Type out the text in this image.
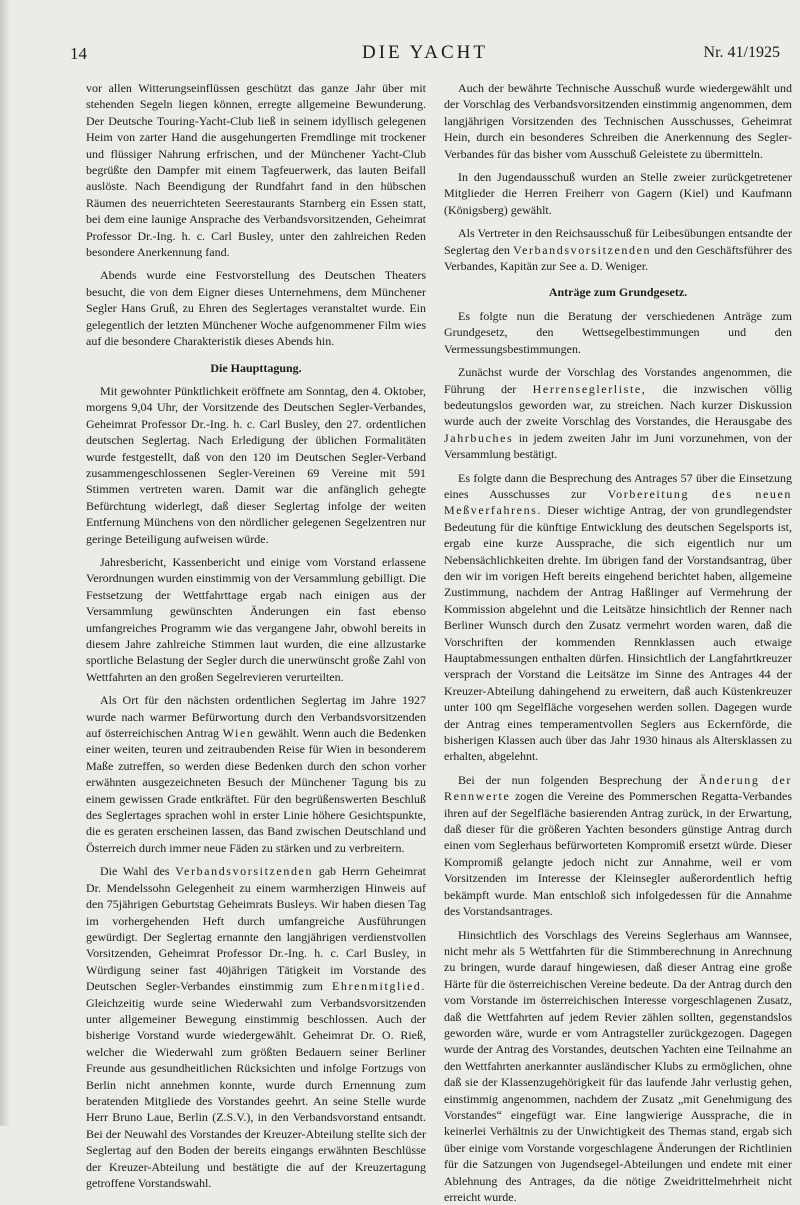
14	DIE YACHT	Nr. 41/1925

vor allen Witterungseinflüssen geschützt das ganze Jahr über mit stehenden Segeln liegen können, erregte allgemeine Bewunderung. Der Deutsche Touring-Yacht-Club ließ in seinem idyllisch gelegenen Heim von zarter Hand die ausgehungerten Fremdlinge mit trockener und flüssiger Nahrung erfrischen, und der Münchener Yacht-Club begrüßte den Dampfer mit einem Tagfeuerwerk, das lauten Beifall auslöste. Nach Beendigung der Rundfahrt fand in den hübschen Räumen des neuerrichteten Seerestaurants Starnberg ein Essen statt, bei dem eine launige Ansprache des Verbandsvorsitzenden, Geheimrat Professor Dr.-Ing. h. c. Carl Busley, unter den zahlreichen Reden besondere Anerkennung fand.

Abends wurde eine Festvorstellung des Deutschen Theaters besucht, die von dem Eigner dieses Unternehmens, dem Münchener Segler Hans Gruß, zu Ehren des Seglertages veranstaltet wurde. Ein gelegentlich der letzten Münchener Woche aufgenommener Film wies auf die besondere Charakteristik dieses Abends hin.

Die Haupttagung.

Mit gewohnter Pünktlichkeit eröffnete am Sonntag, den 4. Oktober, morgens 9,04 Uhr, der Vorsitzende des Deutschen Segler-Verbandes, Geheimrat Professor Dr.-Ing. h. c. Carl Busley, den 27. ordentlichen deutschen Seglertag. Nach Erledigung der üblichen Formalitäten wurde festgestellt, daß von den 120 im Deutschen Segler-Verband zusammengeschlossenen Segler-Vereinen 69 Vereine mit 591 Stimmen vertreten waren. Damit war die anfänglich gehegte Befürchtung widerlegt, daß dieser Seglertag infolge der weiten Entfernung Münchens von den nördlicher gelegenen Segelzentren nur geringe Beteiligung aufweisen würde.

Jahresbericht, Kassenbericht und einige vom Vorstand erlassene Verordnungen wurden einstimmig von der Versammlung gebilligt. Die Festsetzung der Wettfahrttage ergab nach einigen aus der Versammlung gewünschten Änderungen ein fast ebenso umfangreiches Programm wie das vergangene Jahr, obwohl bereits in diesem Jahre zahlreiche Stimmen laut wurden, die eine allzustarke sportliche Belastung der Segler durch die unerwünscht große Zahl von Wettfahrten an den großen Segelrevieren verurteilten.

Als Ort für den nächsten ordentlichen Seglertag im Jahre 1927 wurde nach warmer Befürwortung durch den Verbandsvorsitzenden auf österreichischen Antrag Wien gewählt. Wenn auch die Bedenken einer weiten, teuren und zeitraubenden Reise für Wien in besonderem Maße zutreffen, so werden diese Bedenken durch den schon vorher erwähnten ausgezeichneten Besuch der Münchener Tagung bis zu einem gewissen Grade entkräftet. Für den begrüßenswerten Beschluß des Seglertages sprachen wohl in erster Linie höhere Gesichtspunkte, die es geraten erscheinen lassen, das Band zwischen Deutschland und Österreich durch immer neue Fäden zu stärken und zu verbreitern.

Die Wahl des Verbandsvorsitzenden gab Herrn Geheimrat Dr. Mendelssohn Gelegenheit zu einem warmherzigen Hinweis auf den 75jährigen Geburtstag Geheimrats Busleys. Wir haben diesen Tag im vorhergehenden Heft durch umfangreiche Ausführungen gewürdigt. Der Seglertag ernannte den langjährigen verdienstvollen Vorsitzenden, Geheimrat Professor Dr.-Ing. h. c. Carl Busley, in Würdigung seiner fast 40jährigen Tätigkeit im Vorstande des Deutschen Segler-Verbandes einstimmig zum Ehrenmitglied. Gleichzeitig wurde seine Wiederwahl zum Verbandsvorsitzenden unter allgemeiner Bewegung einstimmig beschlossen. Auch der bisherige Vorstand wurde wiedergewählt. Geheimrat Dr. O. Rieß, welcher die Wiederwahl zum größten Bedauern seiner Berliner Freunde aus gesundheitlichen Rücksichten und infolge Fortzugs von Berlin nicht annehmen konnte, wurde durch Ernennung zum beratenden Mitgliede des Vorstandes geehrt. An seine Stelle wurde Herr Bruno Laue, Berlin (Z.S.V.), in den Verbandsvorstand entsandt. Bei der Neuwahl des Vorstandes der Kreuzer-Abteilung stellte sich der Seglertag auf den Boden der bereits eingangs erwähnten Beschlüsse der Kreuzer-Abteilung und bestätigte die auf der Kreuzertagung getroffene Vorstandswahl.

Auch der bewährte Technische Ausschuß wurde wiedergewählt und der Vorschlag des Verbandsvorsitzenden einstimmig angenommen, dem langjährigen Vorsitzenden des Technischen Ausschusses, Geheimrat Hein, durch ein besonderes Schreiben die Anerkennung des Segler-Verbandes für das bisher vom Ausschuß Geleistete zu übermitteln.

In den Jugendausschuß wurden an Stelle zweier zurückgetretener Mitglieder die Herren Freiherr von Gagern (Kiel) und Kaufmann (Königsberg) gewählt.

Als Vertreter in den Reichsausschuß für Leibesübungen entsandte der Seglertag den Verbandsvorsitzenden und den Geschäftsführer des Verbandes, Kapitän zur See a. D. Weniger.

Anträge zum Grundgesetz.

Es folgte nun die Beratung der verschiedenen Anträge zum Grundgesetz, den Wettsegelbestimmungen und den Vermessungsbestimmungen.

Zunächst wurde der Vorschlag des Vorstandes angenommen, die Führung der Herrenseglerliste, die inzwischen völlig bedeutungslos geworden war, zu streichen. Nach kurzer Diskussion wurde auch der zweite Vorschlag des Vorstandes, die Herausgabe des Jahrbuches in jedem zweiten Jahr im Juni vorzunehmen, von der Versammlung bestätigt.

Es folgte dann die Besprechung des Antrages 57 über die Einsetzung eines Ausschusses zur Vorbereitung des neuen Meßverfahrens. Dieser wichtige Antrag, der von grundlegendster Bedeutung für die künftige Entwicklung des deutschen Segelsports ist, ergab eine kurze Aussprache, die sich eigentlich nur um Nebensächlichkeiten drehte. Im übrigen fand der Vorstandsantrag, über den wir im vorigen Heft bereits eingehend berichtet haben, allgemeine Zustimmung, nachdem der Antrag Haßlinger auf Vermehrung der Kommission abgelehnt und die Leitsätze hinsichtlich der Renner nach Berliner Wunsch durch den Zusatz vermehrt worden waren, daß die Vorschriften der kommenden Rennklassen auch etwaige Hauptabmessungen enthalten dürfen. Hinsichtlich der Langfahrtkreuzer versprach der Vorstand die Leitsätze im Sinne des Antrages 44 der Kreuzer-Abteilung dahingehend zu erweitern, daß auch Küstenkreuzer unter 100 qm Segelfläche vorgesehen werden sollen. Dagegen wurde der Antrag eines temperamentvollen Seglers aus Eckernförde, die bisherigen Klassen auch über das Jahr 1930 hinaus als Altersklassen zu erhalten, abgelehnt.

Bei der nun folgenden Besprechung der Änderung der Rennwerte zogen die Vereine des Pommerschen Regatta-Verbandes ihren auf der Segelfläche basierenden Antrag zurück, in der Erwartung, daß dieser für die größeren Yachten besonders günstige Antrag durch einen vom Seglerhaus befürworteten Kompromiß ersetzt würde. Dieser Kompromiß gelangte jedoch nicht zur Annahme, weil er vom Vorsitzenden im Interesse der Kleinsegler außerordentlich heftig bekämpft wurde. Man entschloß sich infolgedessen für die Annahme des Vorstandsantrages.

Hinsichtlich des Vorschlags des Vereins Seglerhaus am Wannsee, nicht mehr als 5 Wettfahrten für die Stimmberechnung in Anrechnung zu bringen, wurde darauf hingewiesen, daß dieser Antrag eine große Härte für die österreichischen Vereine bedeute. Da der Antrag durch den vom Vorstande im österreichischen Interesse vorgeschlagenen Zusatz, daß die Wettfahrten auf jedem Revier zählen sollten, gegenstandslos geworden wäre, wurde er vom Antragsteller zurückgezogen. Dagegen wurde der Antrag des Vorstandes, deutschen Yachten eine Teilnahme an den Wettfahrten anerkannter ausländischer Klubs zu ermöglichen, ohne daß sie der Klassenzugehörigkeit für das laufende Jahr verlustig gehen, einstimmig angenommen, nachdem der Zusatz „mit Genehmigung des Vorstandes“ eingefügt war. Eine langwierige Aussprache, die in keinerlei Verhältnis zu der Unwichtigkeit des Themas stand, ergab sich über einige vom Vorstande vorgeschlagene Änderungen der Richtlinien für die Satzungen von Jugendsegel-Abteilungen und endete mit einer Ablehnung des Antrages, da die nötige Zweidrittelmehrheit nicht erreicht wurde.
